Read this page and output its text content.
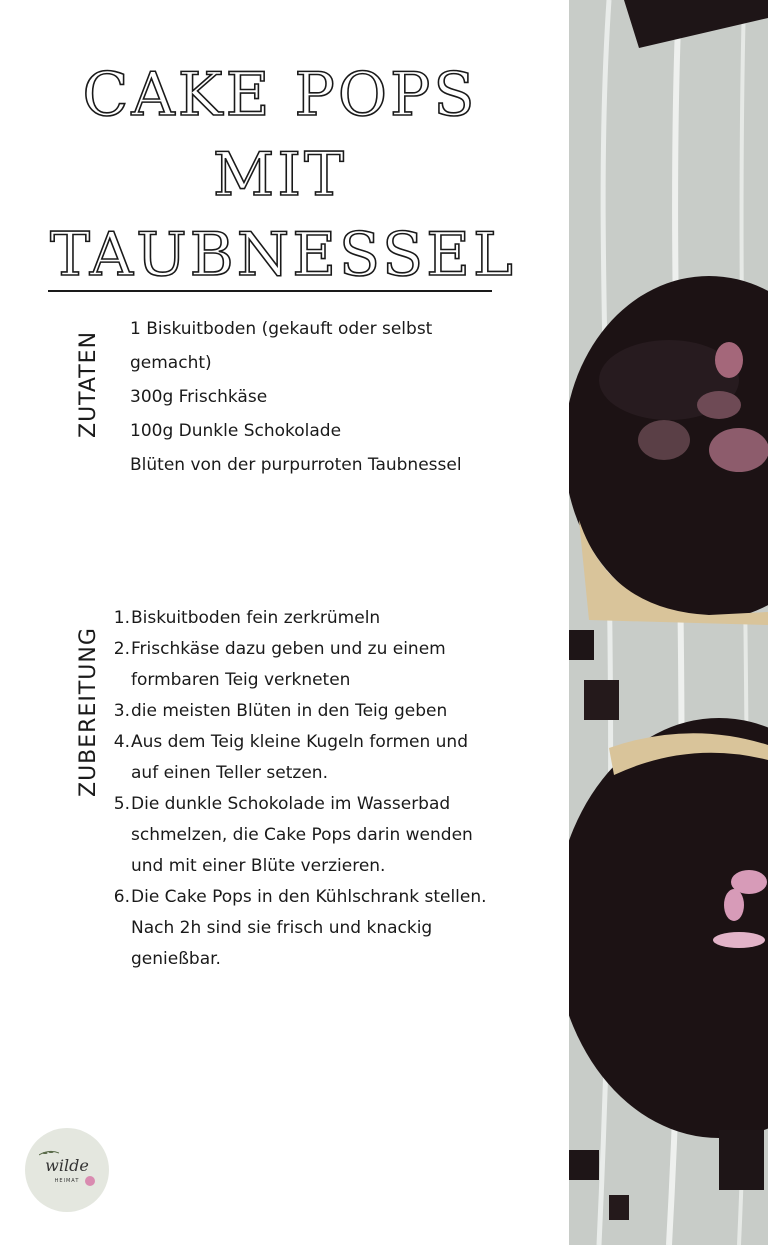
CAKE POPS
MIT
TAUBNESSEL
ZUTATEN
1 Biskuitboden (gekauft oder selbst
gemacht)
300g Frischkäse
100g Dunkle Schokolade
Blüten von der purpurroten Taubnessel
ZUBEREITUNG
1. Biskuitboden fein zerkrümeln
2. Frischkäse dazu geben und zu einem
formbaren Teig verkneten
3. die meisten Blüten in den Teig geben
4. Aus dem Teig kleine Kugeln formen und
auf einen Teller setzen.
5. Die dunkle Schokolade im Wasserbad
schmelzen, die Cake Pops darin wenden
und mit einer Blüte verzieren.
6. Die Cake Pops in den Kühlschrank stellen.
Nach 2h sind sie frisch und knackig
genießbar.
wilde
HEIMAT
